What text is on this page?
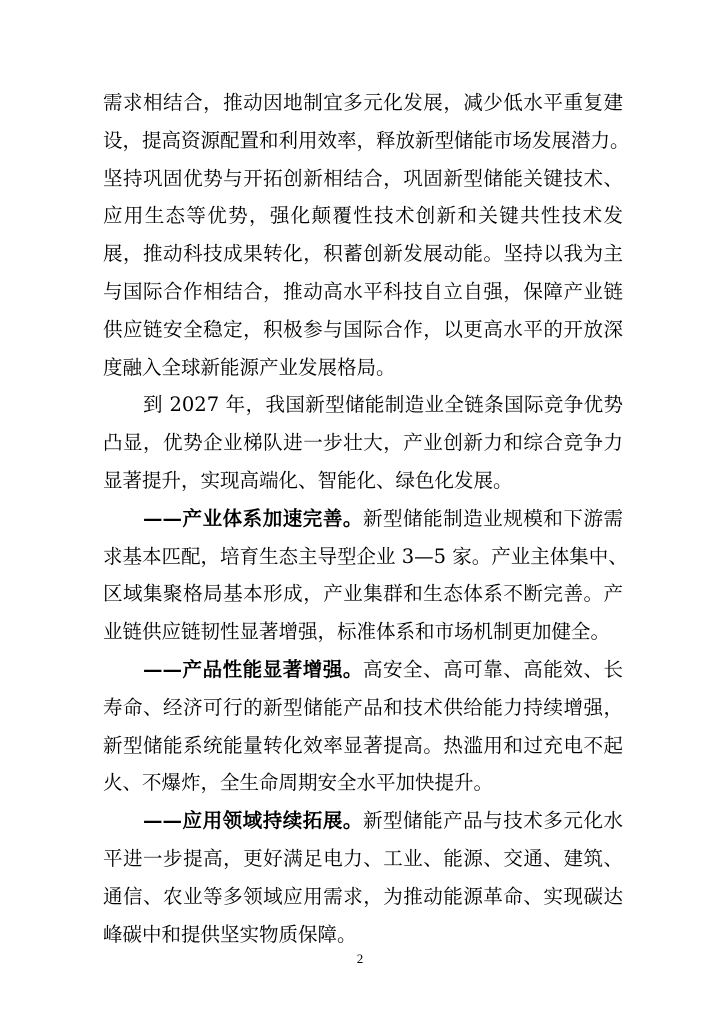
需求相结合，推动因地制宜多元化发展，减少低水平重复建
设，提高资源配置和利用效率，释放新型储能市场发展潜力。
坚持巩固优势与开拓创新相结合，巩固新型储能关键技术、
应用生态等优势，强化颠覆性技术创新和关键共性技术发
展，推动科技成果转化，积蓄创新发展动能。坚持以我为主
与国际合作相结合，推动高水平科技自立自强，保障产业链
供应链安全稳定，积极参与国际合作，以更高水平的开放深
度融入全球新能源产业发展格局。
到 2027 年，我国新型储能制造业全链条国际竞争优势
凸显，优势企业梯队进一步壮大，产业创新力和综合竞争力
显著提升，实现高端化、智能化、绿色化发展。
——产业体系加速完善。新型储能制造业规模和下游需
求基本匹配，培育生态主导型企业 3—5 家。产业主体集中、
区域集聚格局基本形成，产业集群和生态体系不断完善。产
业链供应链韧性显著增强，标准体系和市场机制更加健全。
——产品性能显著增强。高安全、高可靠、高能效、长
寿命、经济可行的新型储能产品和技术供给能力持续增强，
新型储能系统能量转化效率显著提高。热滥用和过充电不起
火、不爆炸，全生命周期安全水平加快提升。
——应用领域持续拓展。新型储能产品与技术多元化水
平进一步提高，更好满足电力、工业、能源、交通、建筑、
通信、农业等多领域应用需求，为推动能源革命、实现碳达
峰碳中和提供坚实物质保障。
2
